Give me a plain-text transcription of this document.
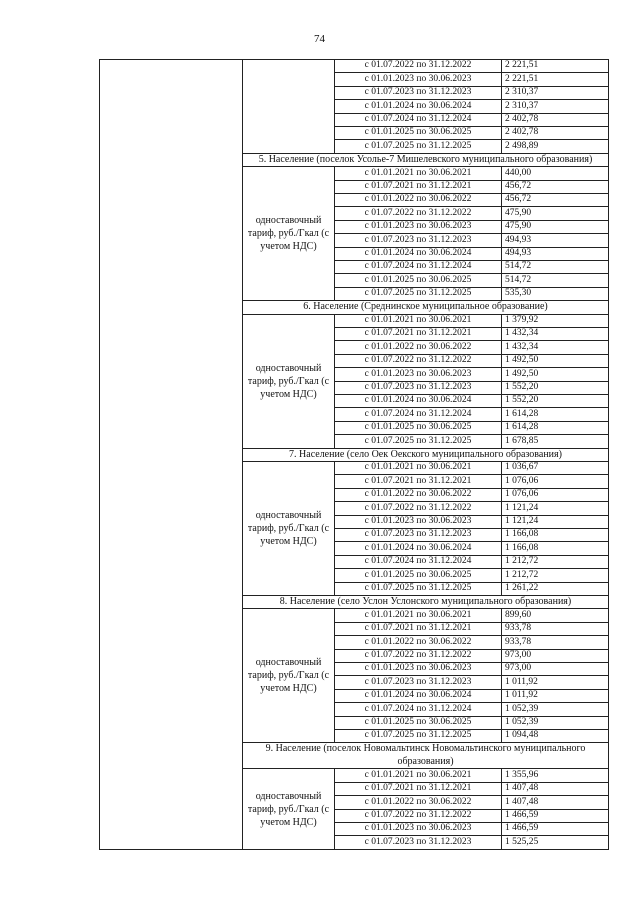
74
		с 01.07.2022 по 31.12.2022	2 221,51
		с 01.01.2023 по 30.06.2023	2 221,51
		с 01.07.2023 по 31.12.2023	2 310,37
		с 01.01.2024 по 30.06.2024	2 310,37
		с 01.07.2024 по 31.12.2024	2 402,78
		с 01.01.2025 по 30.06.2025	2 402,78
		с 01.07.2025 по 31.12.2025	2 498,89
	5. Население (поселок Усолье-7 Мишелевского муниципального образования)		
	одноставочный тариф, руб./Гкал (с учетом НДС)	с 01.01.2021 по 30.06.2021	440,00
		с 01.07.2021 по 31.12.2021	456,72
		с 01.01.2022 по 30.06.2022	456,72
		с 01.07.2022 по 31.12.2022	475,90
		с 01.01.2023 по 30.06.2023	475,90
		с 01.07.2023 по 31.12.2023	494,93
		с 01.01.2024 по 30.06.2024	494,93
		с 01.07.2024 по 31.12.2024	514,72
		с 01.01.2025 по 30.06.2025	514,72
		с 01.07.2025 по 31.12.2025	535,30
	6. Население (Среднинское муниципальное образование)		
	одноставочный тариф, руб./Гкал (с учетом НДС)	с 01.01.2021 по 30.06.2021	1 379,92
		с 01.07.2021 по 31.12.2021	1 432,34
		с 01.01.2022 по 30.06.2022	1 432,34
		с 01.07.2022 по 31.12.2022	1 492,50
		с 01.01.2023 по 30.06.2023	1 492,50
		с 01.07.2023 по 31.12.2023	1 552,20
		с 01.01.2024 по 30.06.2024	1 552,20
		с 01.07.2024 по 31.12.2024	1 614,28
		с 01.01.2025 по 30.06.2025	1 614,28
		с 01.07.2025 по 31.12.2025	1 678,85
	7. Население (село Оек Оекского муниципального образования)		
	одноставочный тариф, руб./Гкал (с учетом НДС)	с 01.01.2021 по 30.06.2021	1 036,67
		с 01.07.2021 по 31.12.2021	1 076,06
		с 01.01.2022 по 30.06.2022	1 076,06
		с 01.07.2022 по 31.12.2022	1 121,24
		с 01.01.2023 по 30.06.2023	1 121,24
		с 01.07.2023 по 31.12.2023	1 166,08
		с 01.01.2024 по 30.06.2024	1 166,08
		с 01.07.2024 по 31.12.2024	1 212,72
		с 01.01.2025 по 30.06.2025	1 212,72
		с 01.07.2025 по 31.12.2025	1 261,22
	8. Население (село Услон Услонского муниципального образования)		
	одноставочный тариф, руб./Гкал (с учетом НДС)	с 01.01.2021 по 30.06.2021	899,60
		с 01.07.2021 по 31.12.2021	933,78
		с 01.01.2022 по 30.06.2022	933,78
		с 01.07.2022 по 31.12.2022	973,00
		с 01.01.2023 по 30.06.2023	973,00
		с 01.07.2023 по 31.12.2023	1 011,92
		с 01.01.2024 по 30.06.2024	1 011,92
		с 01.07.2024 по 31.12.2024	1 052,39
		с 01.01.2025 по 30.06.2025	1 052,39
		с 01.07.2025 по 31.12.2025	1 094,48
	9. Население (поселок Новомальтинск Новомальтинского муниципального образования)		
	одноставочный тариф, руб./Гкал (с учетом НДС)	с 01.01.2021 по 30.06.2021	1 355,96
		с 01.07.2021 по 31.12.2021	1 407,48
		с 01.01.2022 по 30.06.2022	1 407,48
		с 01.07.2022 по 31.12.2022	1 466,59
		с 01.01.2023 по 30.06.2023	1 466,59
		с 01.07.2023 по 31.12.2023	1 525,25
